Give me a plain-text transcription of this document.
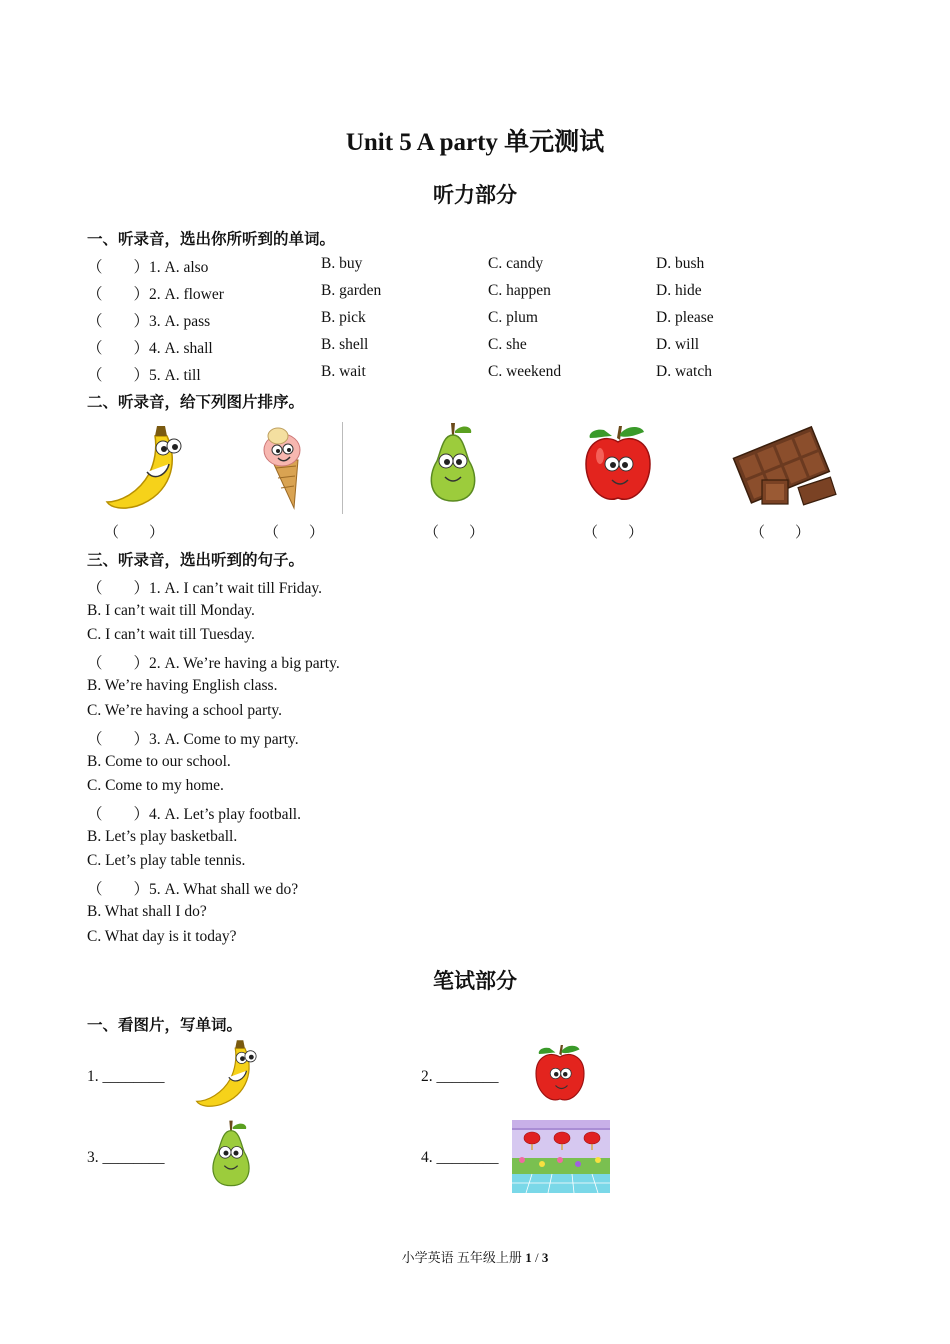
Unit 5 A party 单元测试
听力部分
一、听录音，选出你所听到的单词。
（　　）1. A. also	B. buy	C. candy	D. bush
（　　）2. A. flower	B. garden	C. happen	D. hide
（　　）3. A. pass	B. pick	C. plum	D. please
（　　）4. A. shall	B. shell	C. she	D. will
（　　）5. A. till	B. wait	C. weekend	D. watch
二、听录音，给下列图片排序。
（　　）	（　　）	（　　）	（　　）	（　　）
三、听录音，选出听到的句子。
（　　）1. A. I can’t wait till Friday.
B. I can’t wait till Monday.
C. I can’t wait till Tuesday.
（　　）2. A. We’re having a big party.
B. We’re having English class.
C. We’re having a school party.
（　　）3. A. Come to my party.
B. Come to our school.
C. Come to my home.
（　　）4. A. Let’s play football.
B. Let’s play basketball.
C. Let’s play table tennis.
（　　）5. A. What shall we do?
B. What shall I do?
C. What day is it today?
笔试部分
一、看图片，写单词。
1. ________	2. ________
3. ________	4. ________
小学英语 五年级上册 1 / 3
